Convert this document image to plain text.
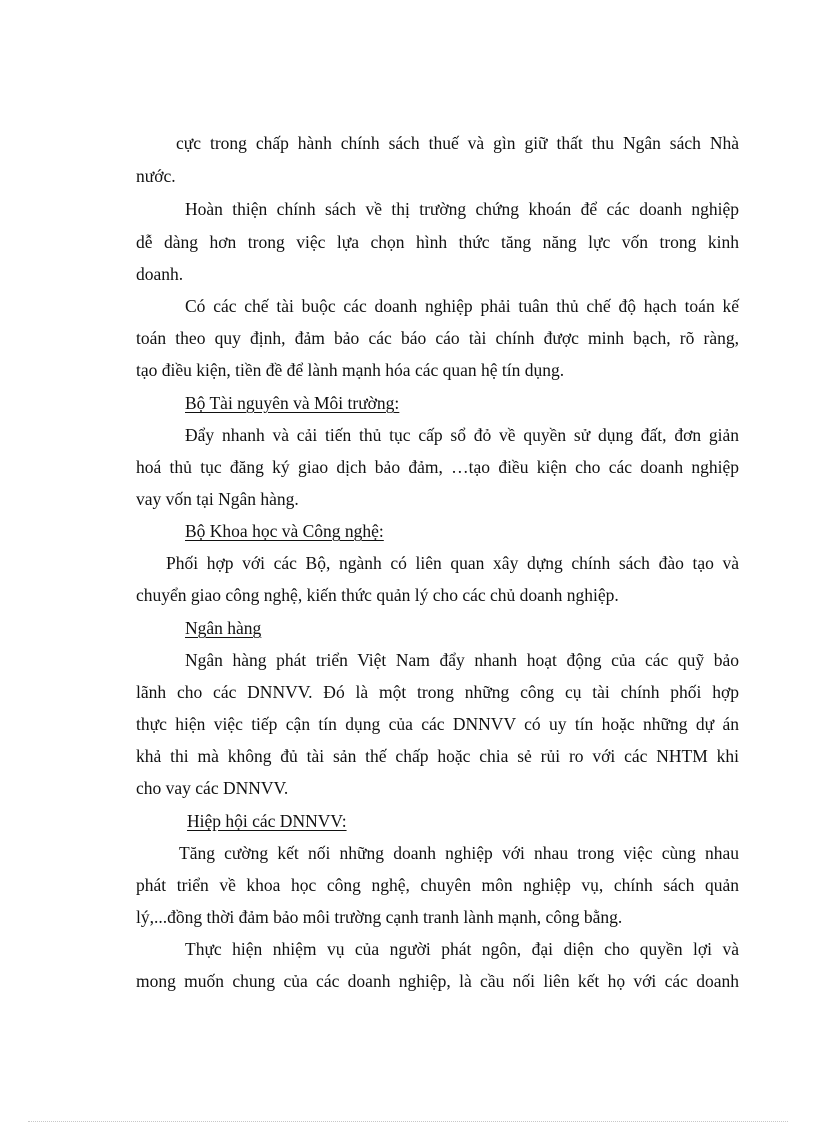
cực trong chấp hành chính sách thuế và gìn giữ thất thu Ngân sách Nhà
nước.
Hoàn thiện chính sách về thị trường chứng khoán để các doanh nghiệp
dễ dàng hơn trong việc lựa chọn hình thức tăng năng lực vốn trong kinh
doanh.
Có các chế tài buộc các doanh nghiệp phải tuân thủ chế độ hạch toán kế
toán theo quy định, đảm bảo các báo cáo tài chính được minh bạch, rõ ràng,
tạo điều kiện, tiền đề để lành mạnh hóa các quan hệ tín dụng.
Bộ Tài nguyên và Môi trường:
Đẩy nhanh và cải tiến thủ tục cấp sổ đỏ về quyền sử dụng đất, đơn giản
hoá thủ tục đăng ký giao dịch bảo đảm, …tạo điều kiện cho các doanh nghiệp
vay vốn tại Ngân hàng.
Bộ Khoa học và Công nghệ:
Phối hợp với các Bộ, ngành có liên quan xây dựng chính sách đào tạo và
chuyển giao công nghệ, kiến thức quản lý cho các chủ doanh nghiệp.
Ngân hàng
Ngân hàng phát triển Việt Nam đẩy nhanh hoạt động của các quỹ bảo
lãnh cho các DNNVV. Đó là một trong những công cụ tài chính phối hợp
thực hiện việc tiếp cận tín dụng của các DNNVV có uy tín hoặc những dự án
khả thi mà không đủ tài sản thế chấp hoặc chia sẻ rủi ro với các NHTM khi
cho vay các DNNVV.
Hiệp hội các DNNVV:
Tăng cường kết nối những doanh nghiệp với nhau trong việc cùng nhau
phát triển về khoa học công nghệ, chuyên môn nghiệp vụ, chính sách quản
lý,...đồng thời đảm bảo môi trường cạnh tranh lành mạnh, công bằng.
Thực hiện nhiệm vụ của người phát ngôn, đại diện cho quyền lợi và
mong muốn chung của các doanh nghiệp, là cầu nối liên kết họ với các doanh
